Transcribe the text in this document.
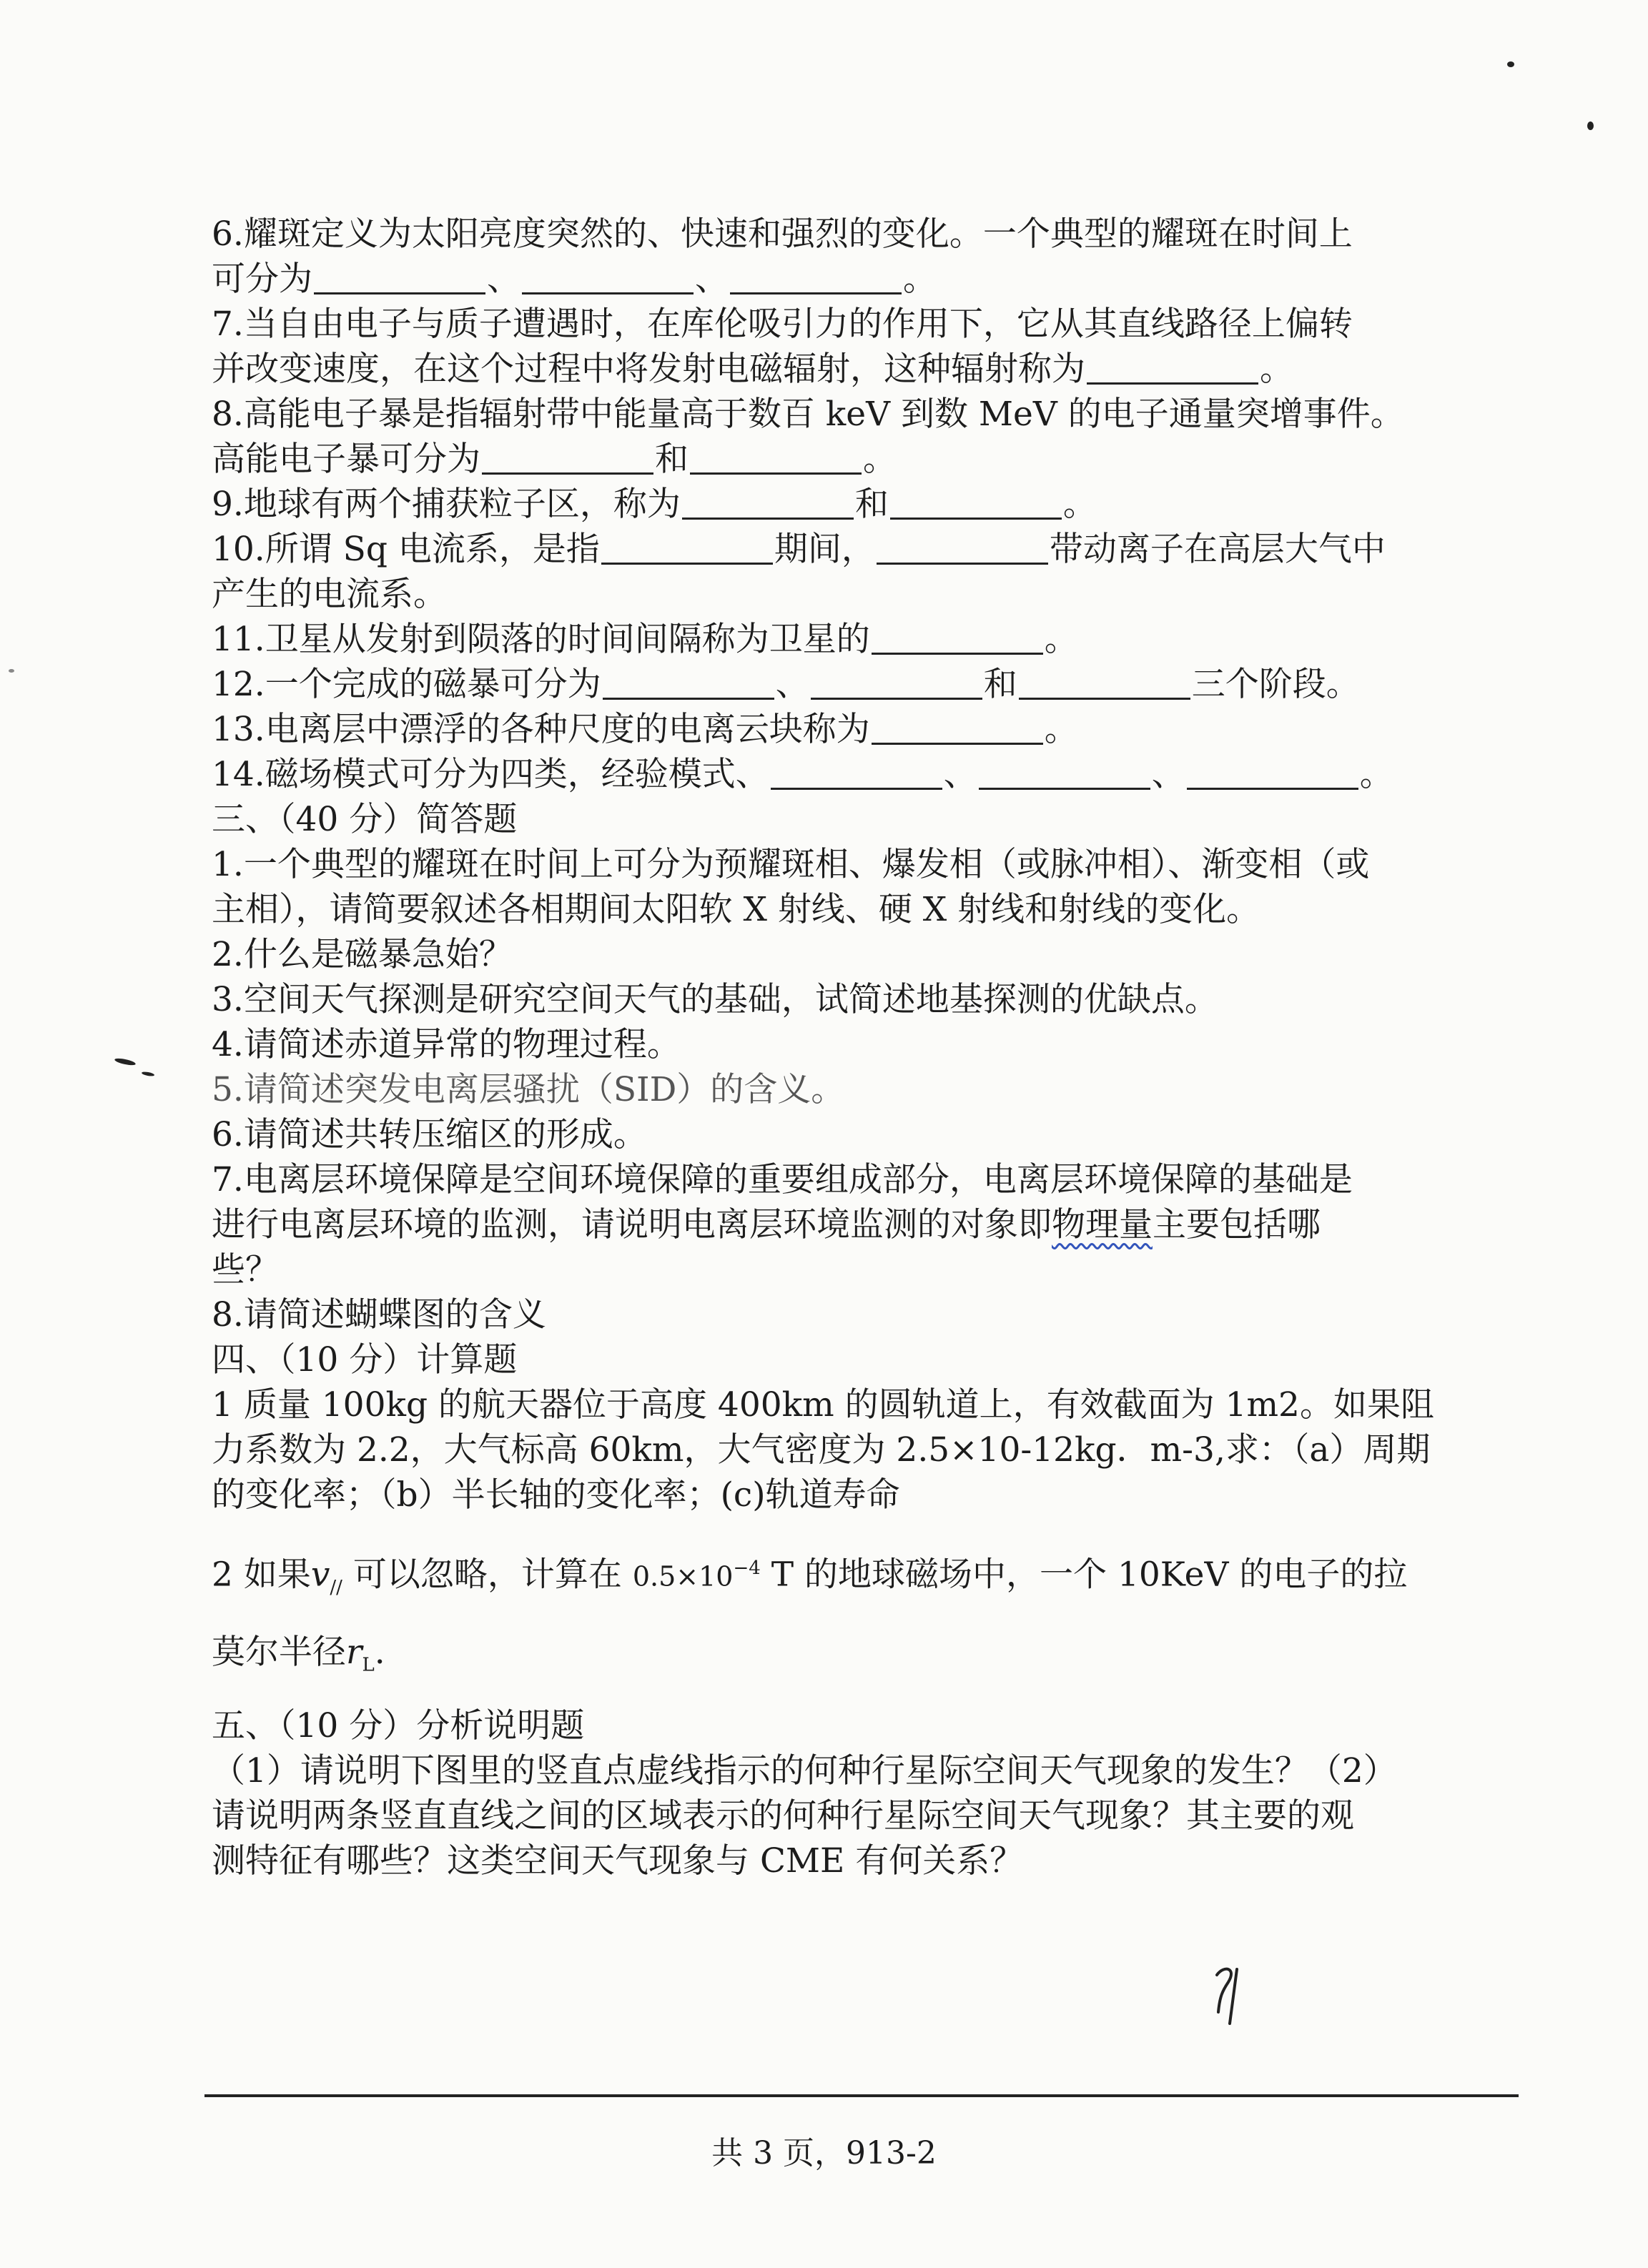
6.耀斑定义为太阳亮度突然的、快速和强烈的变化。一个典型的耀斑在时间上
可分为	、	、	。
7.当自由电子与质子遭遇时，在库伦吸引力的作用下，它从其直线路径上偏转
并改变速度，在这个过程中将发射电磁辐射，这种辐射称为	。
8.高能电子暴是指辐射带中能量高于数百 keV 到数 MeV 的电子通量突增事件。
高能电子暴可分为	和	。
9.地球有两个捕获粒子区，称为	和	。
10.所谓 Sq 电流系，是指	期间，	带动离子在高层大气中
产生的电流系。
11.卫星从发射到陨落的时间间隔称为卫星的	。
12.一个完成的磁暴可分为	、	和	三个阶段。
13.电离层中漂浮的各种尺度的电离云块称为	。
14.磁场模式可分为四类，经验模式、	、	、	。
三、（40 分）简答题
1.一个典型的耀斑在时间上可分为预耀斑相、爆发相（或脉冲相）、渐变相（或
主相），请简要叙述各相期间太阳软 X 射线、硬 X 射线和射线的变化。
2.什么是磁暴急始？
3.空间天气探测是研究空间天气的基础，试简述地基探测的优缺点。
4.请简述赤道异常的物理过程。
5.请简述突发电离层骚扰（SID）的含义。
6.请简述共转压缩区的形成。
7.电离层环境保障是空间环境保障的重要组成部分，电离层环境保障的基础是
进行电离层环境的监测，请说明电离层环境监测的对象即物理量主要包括哪
些？
8.请简述蝴蝶图的含义
四、（10 分）计算题
1 质量 100kg 的航天器位于高度 400km 的圆轨道上，有效截面为 1m2。如果阻
力系数为 2.2，大气标高 60km，大气密度为 2.5×10-12kg．m-3,求：（a）周期
的变化率；（b）半长轴的变化率；(c)轨道寿命
2 如果$v_{//}$ 可以忽略，计算在 $0.5\times 10^{-4}$ T 的地球磁场中，一个 10KeV 的电子的拉
莫尔半径$r_L$.
五、（10 分）分析说明题
（1）请说明下图里的竖直点虚线指示的何种行星际空间天气现象的发生？（2）
请说明两条竖直直线之间的区域表示的何种行星际空间天气现象？其主要的观
测特征有哪些？这类空间天气现象与 CME 有何关系？
共 3 页，913-2
